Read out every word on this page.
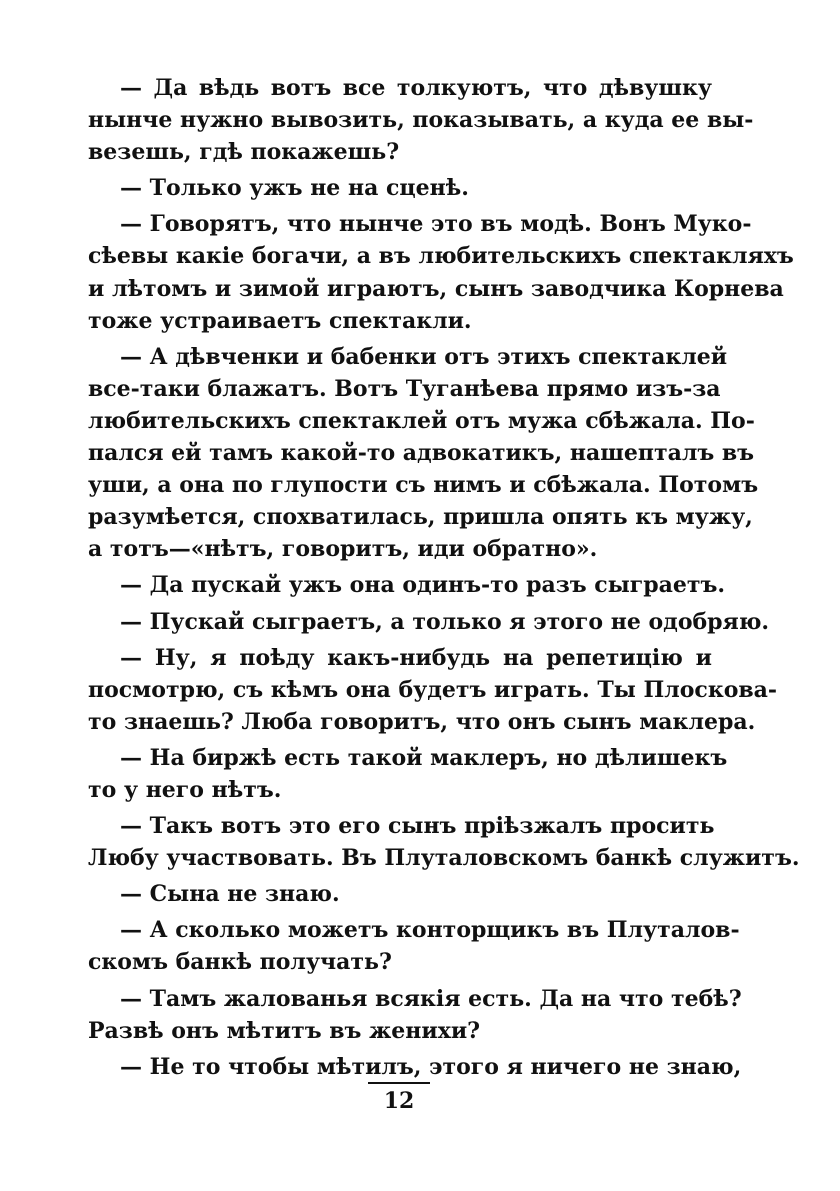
— Да вѣдь вотъ все толкуютъ, что дѣвушку
нынче нужно вывозить, показывать, а куда ее вы-
везешь, гдѣ покажешь?
— Только ужъ не на сценѣ.
— Говорятъ, что нынче это въ модѣ. Вонъ Муко-
сѣевы какіе богачи, а въ любительскихъ спектакляхъ
и лѣтомъ и зимой играютъ, сынъ заводчика Корнева
тоже устраиваетъ спектакли.
— А дѣвченки и бабенки отъ этихъ спектаклей
все-таки блажатъ. Вотъ Туганѣева прямо изъ-за
любительскихъ спектаклей отъ мужа сбѣжала. По-
пался ей тамъ какой-то адвокатикъ, нашепталъ въ
уши, а она по глупости съ нимъ и сбѣжала. Потомъ
разумѣется, спохватилась, пришла опять къ мужу,
а тотъ—«нѣтъ, говоритъ, иди обратно».
— Да пускай ужъ она одинъ-то разъ сыграетъ.
— Пускай сыграетъ, а только я этого не одобряю.
— Ну, я поѣду какъ-нибудь на репетицію и
посмотрю, съ кѣмъ она будетъ играть. Ты Плоскова-
то знаешь? Люба говоритъ, что онъ сынъ маклера.
— На биржѣ есть такой маклеръ, но дѣлишекъ
то у него нѣтъ.
— Такъ вотъ это его сынъ пріѣзжалъ просить
Любу участвовать. Въ Плуталовскомъ банкѣ служитъ.
— Сына не знаю.
— А сколько можетъ конторщикъ въ Плуталов-
скомъ банкѣ получать?
— Тамъ жалованья всякія есть. Да на что тебѣ?
Развѣ онъ мѣтитъ въ женихи?
— Не то чтобы мѣтилъ, этого я ничего не знаю,
12
